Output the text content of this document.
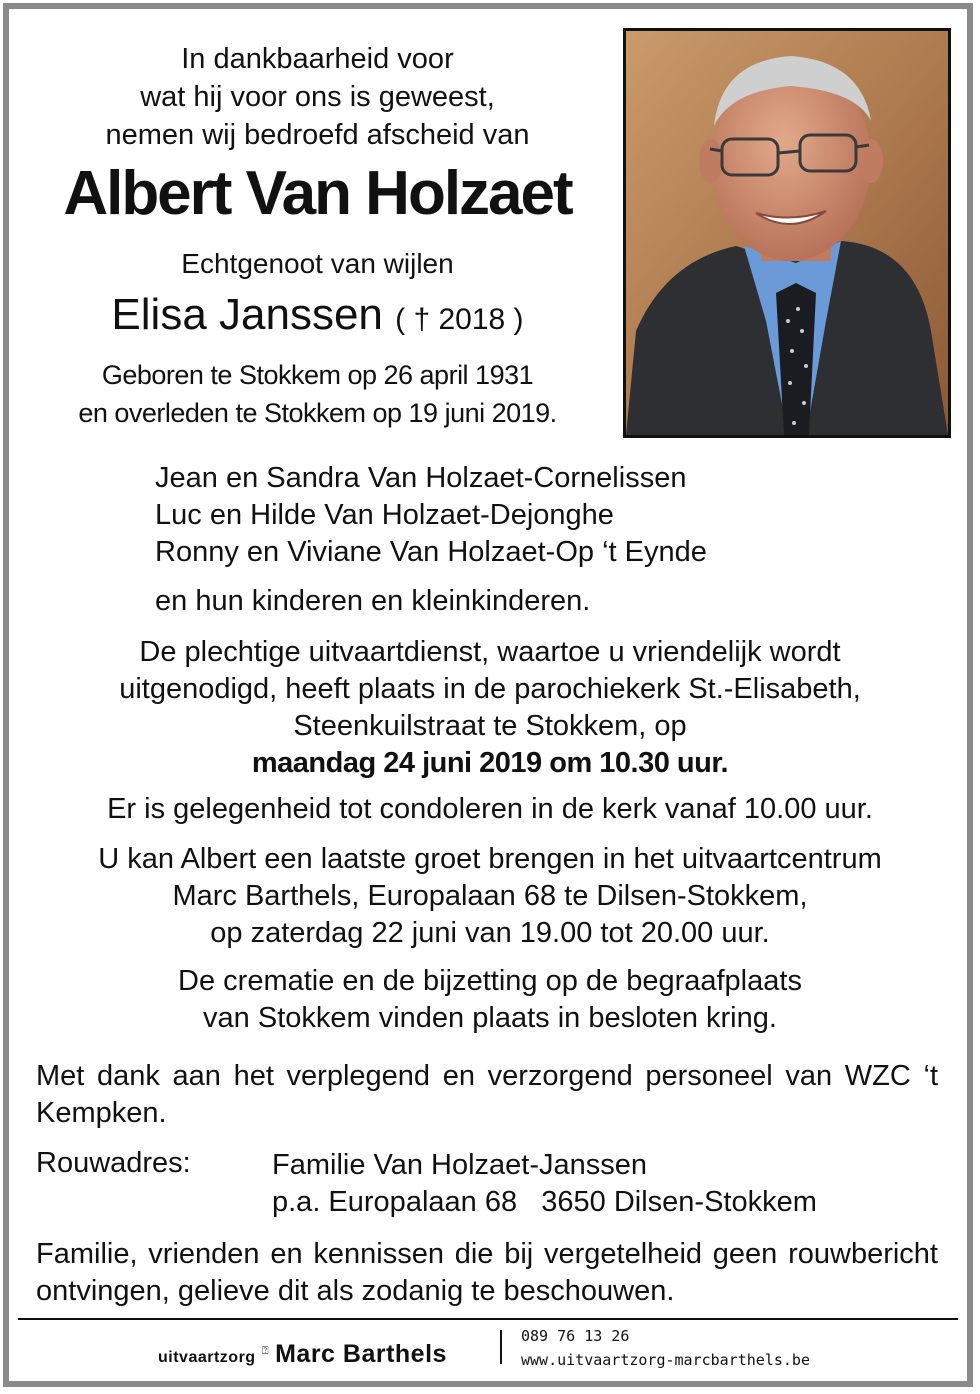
In dankbaarheid voor
wat hij voor ons is geweest,
nemen wij bedroefd afscheid van
Albert Van Holzaet
Echtgenoot van wijlen
Elisa Janssen ( † 2018 )
Geboren te Stokkem op 26 april 1931
en overleden te Stokkem op 19 juni 2019.
Jean en Sandra Van Holzaet-Cornelissen
Luc en Hilde Van Holzaet-Dejonghe
Ronny en Viviane Van Holzaet-Op ‘t Eynde
en hun kinderen en kleinkinderen.
De plechtige uitvaartdienst, waartoe u vriendelijk wordt
uitgenodigd, heeft plaats in de parochiekerk St.-Elisabeth,
Steenkuilstraat te Stokkem, op
maandag 24 juni 2019 om 10.30 uur.
Er is gelegenheid tot condoleren in de kerk vanaf 10.00 uur.
U kan Albert een laatste groet brengen in het uitvaartcentrum
Marc Barthels, Europalaan 68 te Dilsen-Stokkem,
op zaterdag 22 juni van 19.00 tot 20.00 uur.
De crematie en de bijzetting op de begraafplaats
van Stokkem vinden plaats in besloten kring.
Met dank aan het verplegend en verzorgend personeel van WZC ‘t Kempken.
Rouwadres:	Familie Van Holzaet-Janssen
p.a. Europalaan 68   3650 Dilsen-Stokkem
Familie, vrienden en kennissen die bij vergetelheid geen rouwbericht ontvingen, gelieve dit als zodanig te beschouwen.
uitvaartzorg ⍰ Marc Barthels
089 76 13 26
www.uitvaartzorg-marcbarthels.be
